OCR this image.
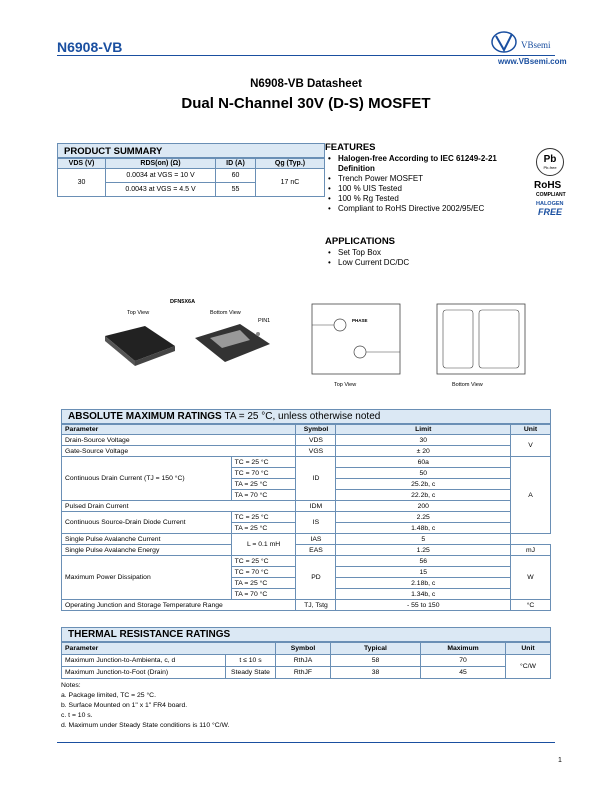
N6908-VB	VBsemi
www.VBsemi.com
N6908-VB Datasheet
Dual N-Channel 30V (D-S) MOSFET
PRODUCT SUMMARY
VDS (V)	RDS(on) (Ω)	ID (A)	Qg (Typ.)
30	0.0034 at VGS = 10 V	60	17 nC
	0.0043 at VGS = 4.5 V	55	
FEATURES
• Halogen-free According to IEC 61249-2-21 Definition
• Trench Power MOSFET
• 100 % UIS Tested
• 100 % Rg Tested
• Compliant to RoHS Directive 2002/95/EC
APPLICATIONS
• Set Top Box
• Low Current DC/DC
Pb
Pb-free
RoHS
COMPLIANT
HALOGEN
FREE
DFN5X6A
Top View	Bottom View
PIN1	PHASE
Top View	Bottom View
ABSOLUTE MAXIMUM RATINGS TA = 25 °C, unless otherwise noted
Parameter		Symbol	Limit	Unit
Drain-Source Voltage		VDS	30	V
Gate-Source Voltage		VGS	± 20	
Continuous Drain Current (TJ = 150 °C)	TC = 25 °C	ID	60a	A
	TC = 70 °C		50	
	TA = 25 °C		25.2b, c	
	TA = 70 °C		22.2b, c	
Pulsed Drain Current		IDM	200	
Continuous Source-Drain Diode Current	TC = 25 °C	IS	2.25	
	TA = 25 °C		1.48b, c	
Single Pulse Avalanche Current	L = 0.1 mH	IAS	5	
Single Pulse Avalanche Energy		EAS	1.25	mJ
Maximum Power Dissipation	TC = 25 °C	PD	56	W
	TC = 70 °C		15	
	TA = 25 °C		2.18b, c	
	TA = 70 °C		1.34b, c	
Operating Junction and Storage Temperature Range		TJ, Tstg	- 55 to 150	°C
THERMAL RESISTANCE RATINGS
Parameter		Symbol	Typical	Maximum	Unit
Maximum Junction-to-Ambienta, c, d	t ≤ 10 s	RthJA	58	70	°C/W
Maximum Junction-to-Foot (Drain)	Steady State	RthJF	38	45	
Notes:
a. Package limited, TC = 25 °C.
b. Surface Mounted on 1" x 1" FR4 board.
c. t = 10 s.
d. Maximum under Steady State conditions is 110 °C/W.
1
